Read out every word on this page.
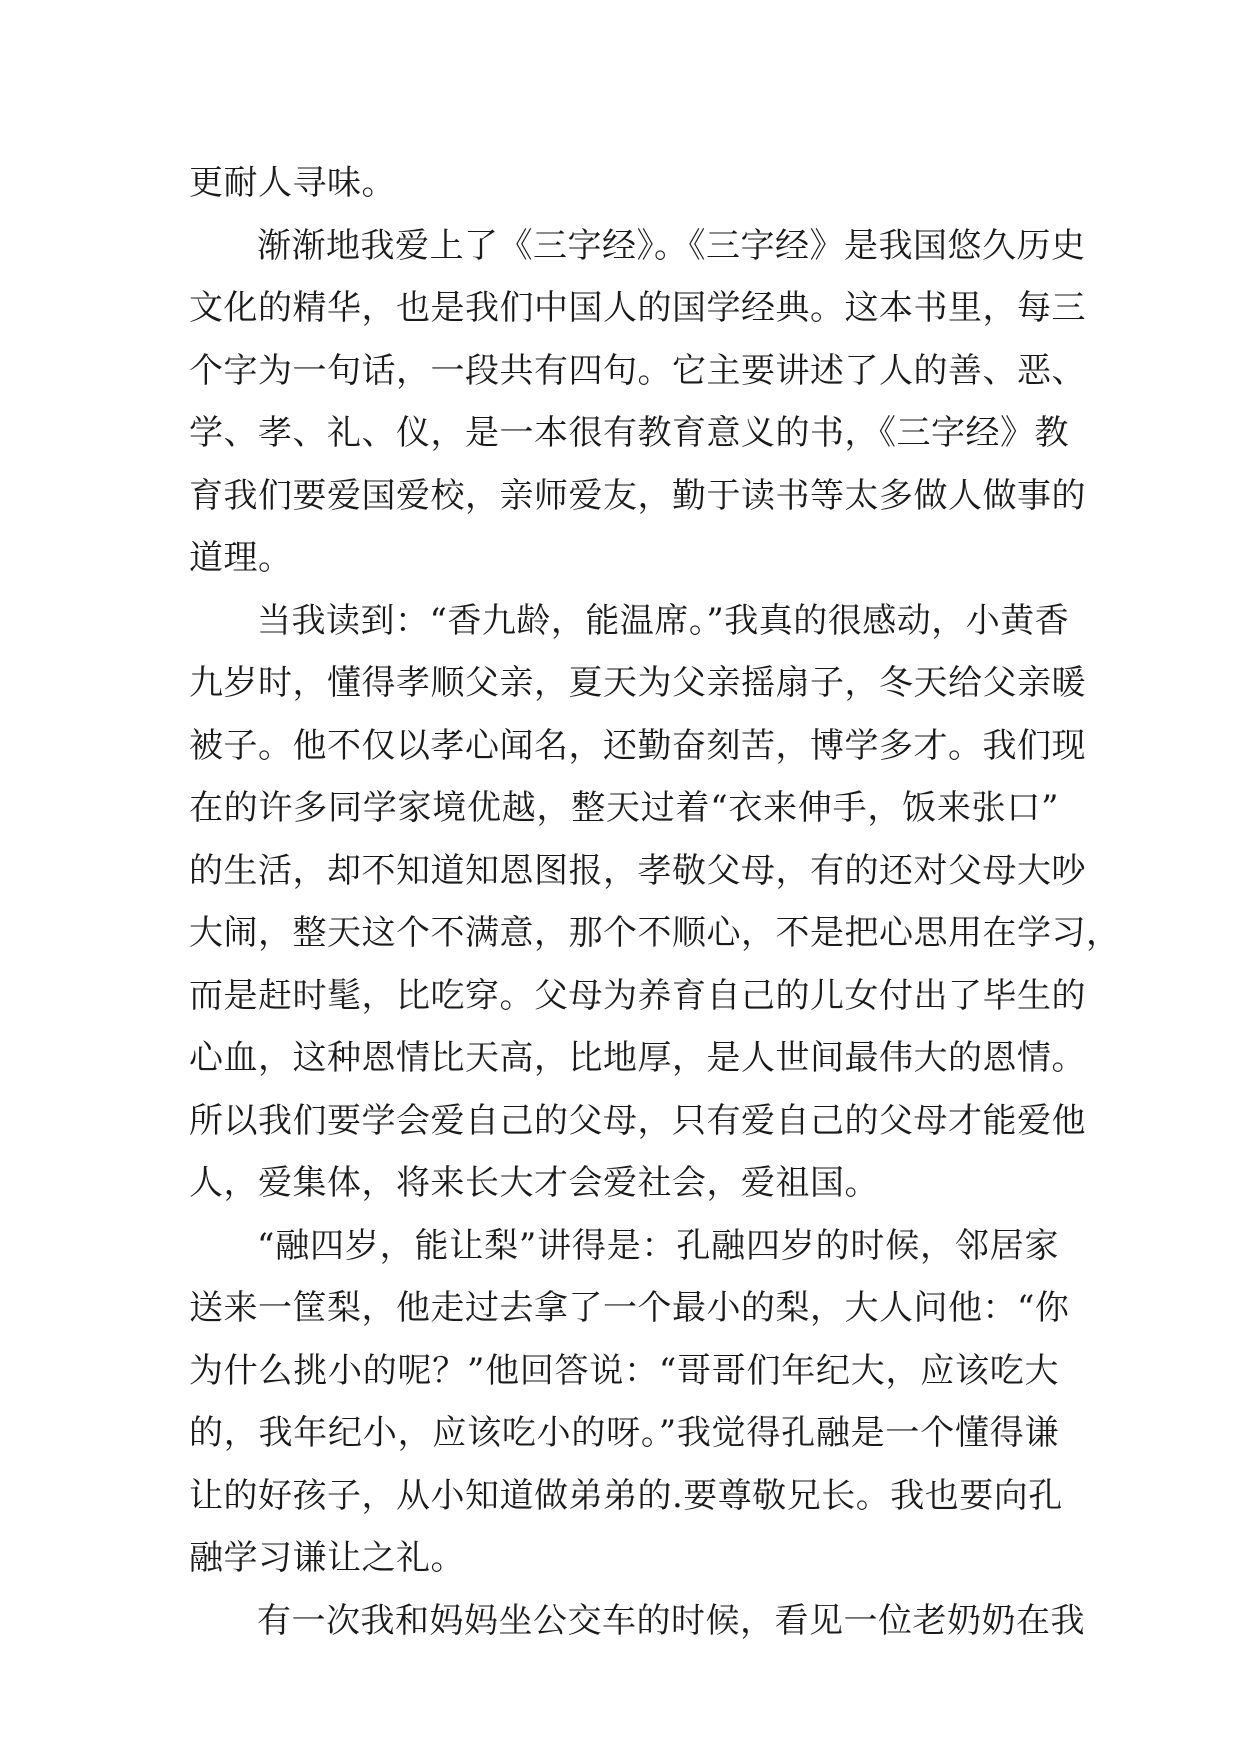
更耐人寻味。
渐渐地我爱上了《三字经》。《三字经》是我国悠久历史
文化的精华，也是我们中国人的国学经典。这本书里，每三
个字为一句话，一段共有四句。它主要讲述了人的善、恶、
学、孝、礼、仪，是一本很有教育意义的书，《三字经》教
育我们要爱国爱校，亲师爱友，勤于读书等太多做人做事的
道理。
当我读到：“香九龄，能温席。”我真的很感动，小黄香
九岁时，懂得孝顺父亲，夏天为父亲摇扇子，冬天给父亲暖
被子。他不仅以孝心闻名，还勤奋刻苦，博学多才。我们现
在的许多同学家境优越，整天过着“衣来伸手，饭来张口”
的生活，却不知道知恩图报，孝敬父母，有的还对父母大吵
大闹，整天这个不满意，那个不顺心，不是把心思用在学习，
而是赶时髦，比吃穿。父母为养育自己的儿女付出了毕生的
心血，这种恩情比天高，比地厚，是人世间最伟大的恩情。
所以我们要学会爱自己的父母，只有爱自己的父母才能爱他
人，爱集体，将来长大才会爱社会，爱祖国。
“融四岁，能让梨”讲得是：孔融四岁的时候，邻居家
送来一筐梨，他走过去拿了一个最小的梨，大人问他：“你
为什么挑小的呢？”他回答说：“哥哥们年纪大，应该吃大
的，我年纪小，应该吃小的呀。”我觉得孔融是一个懂得谦
让的好孩子，从小知道做弟弟的.要尊敬兄长。我也要向孔
融学习谦让之礼。
有一次我和妈妈坐公交车的时候，看见一位老奶奶在我
